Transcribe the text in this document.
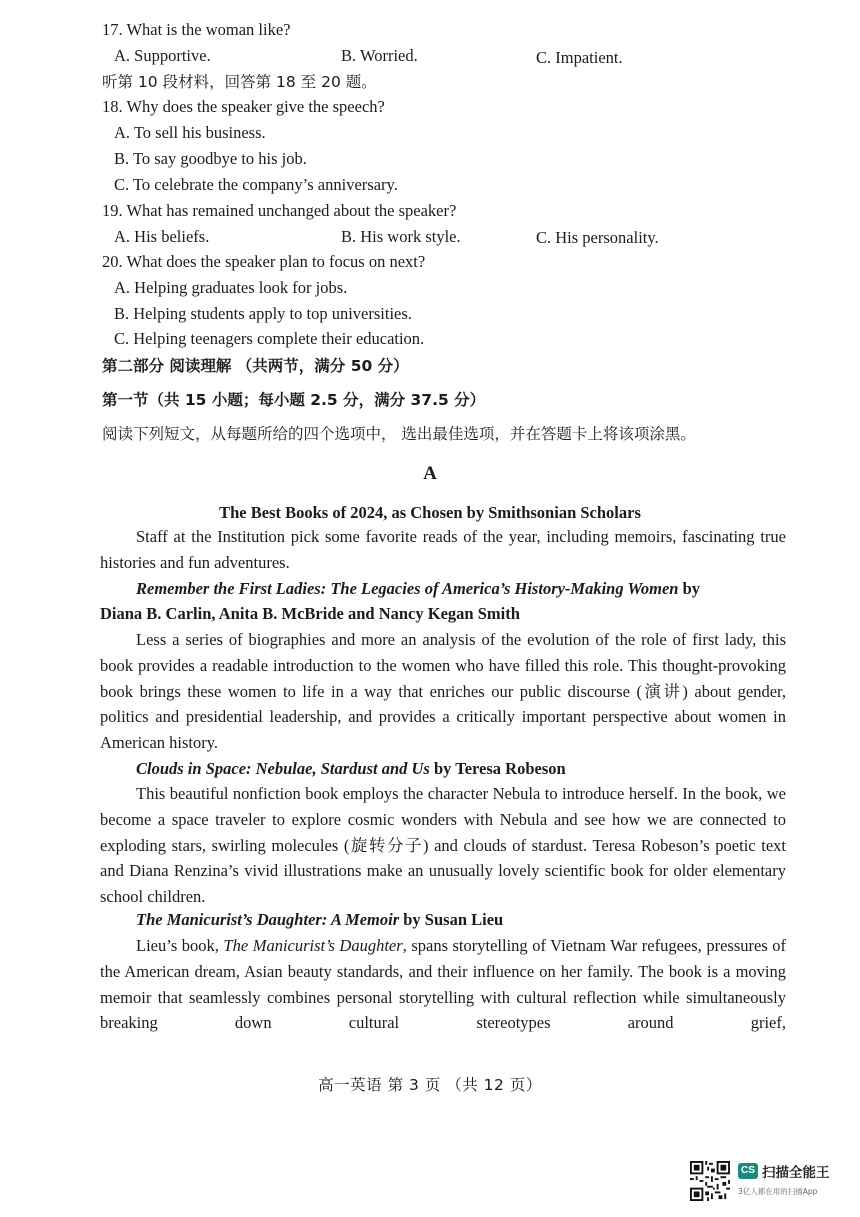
17. What is the woman like?
A. Supportive.	B. Worried.	C. Impatient.
听第 10 段材料，回答第 18 至 20 题。
18. Why does the speaker give the speech?
A. To sell his business.
B. To say goodbye to his job.
C. To celebrate the company’s anniversary.
19. What has remained unchanged about the speaker?
A. His beliefs.	B. His work style.	C. His personality.
20. What does the speaker plan to focus on next?
A. Helping graduates look for jobs.
B. Helping students apply to top universities.
C. Helping teenagers complete their education.
第二部分 阅读理解 （共两节，满分 50 分）
第一节（共 15 小题；每小题 2.5 分，满分 37.5 分）
阅读下列短文，从每题所给的四个选项中， 选出最佳选项，并在答题卡上将该项涂黑。
A
The Best Books of 2024, as Chosen by Smithsonian Scholars
Staff at the Institution pick some favorite reads of the year, including memoirs, fascinating true histories and fun adventures.
Remember the First Ladies: The Legacies of America’s History-Making Women by
Diana B. Carlin, Anita B. McBride and Nancy Kegan Smith
Less a series of biographies and more an analysis of the evolution of the role of first lady, this book provides a readable introduction to the women who have filled this role. This thought-provoking book brings these women to life in a way that enriches our public discourse (演讲) about gender, politics and presidential leadership, and provides a critically important perspective about women in American history.
Clouds in Space: Nebulae, Stardust and Us by Teresa Robeson
This beautiful nonfiction book employs the character Nebula to introduce herself. In the book, we become a space traveler to explore cosmic wonders with Nebula and see how we are connected to exploding stars, swirling molecules (旋转分子) and clouds of stardust. Teresa Robeson’s poetic text and Diana Renzina’s vivid illustrations make an unusually lovely scientific book for older elementary school children.
The Manicurist’s Daughter: A Memoir by Susan Lieu
Lieu’s book, The Manicurist’s Daughter, spans storytelling of Vietnam War refugees, pressures of the American dream, Asian beauty standards, and their influence on her family. The book is a moving memoir that seamlessly combines personal storytelling with cultural reflection while simultaneously breaking down cultural stereotypes around grief,
高一英语 第 3 页 （共 12 页）
CS 扫描全能王
3亿人都在用的扫描App
